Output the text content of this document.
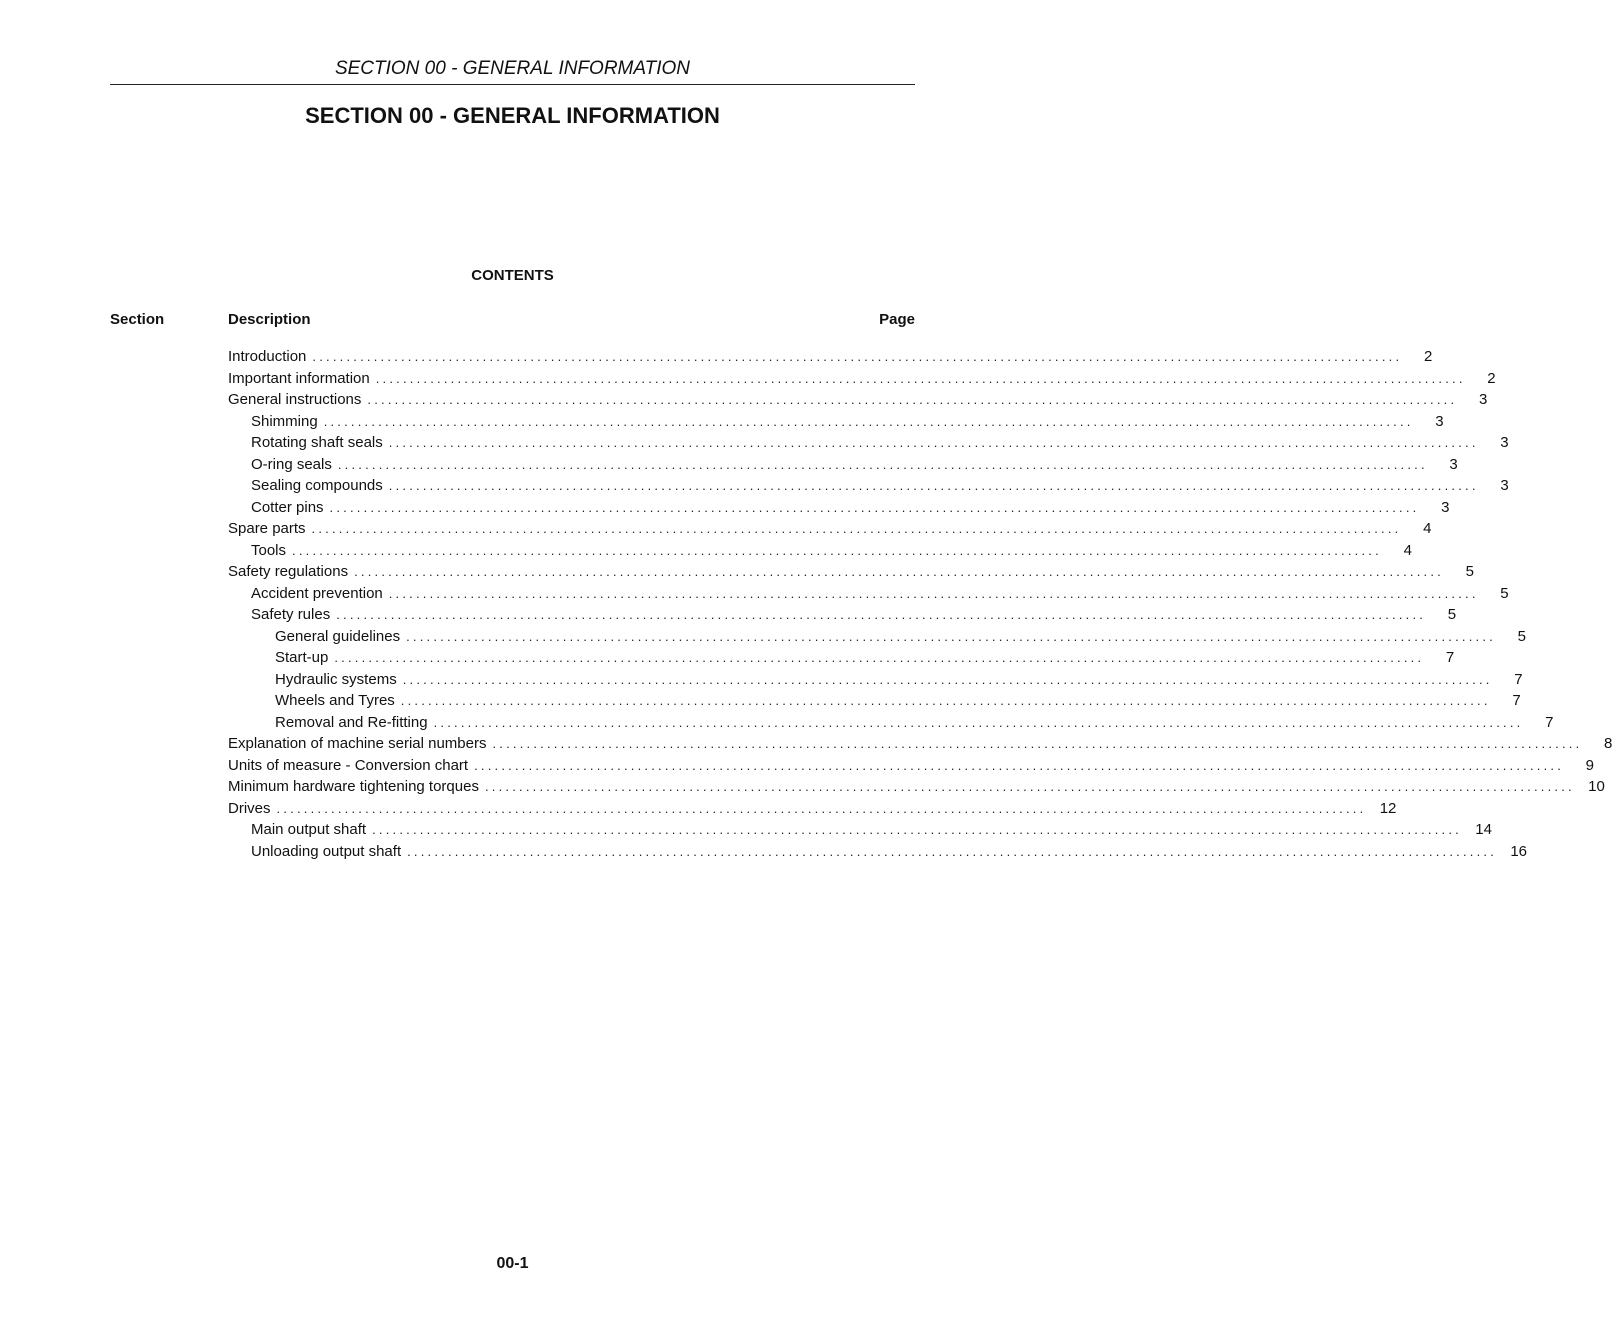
SECTION 00 - GENERAL INFORMATION
SECTION 00 - GENERAL INFORMATION
CONTENTS
Section	Description	Page
Introduction ................................................................................................................................................................	2
Important information ................................................................................................................................................................	2
General instructions ................................................................................................................................................................	3
Shimming ................................................................................................................................................................	3
Rotating shaft seals ................................................................................................................................................................	3
O-ring seals ................................................................................................................................................................	3
Sealing compounds ................................................................................................................................................................	3
Cotter pins ................................................................................................................................................................	3
Spare parts ................................................................................................................................................................	4
Tools ................................................................................................................................................................	4
Safety regulations ................................................................................................................................................................	5
Accident prevention ................................................................................................................................................................	5
Safety rules ................................................................................................................................................................	5
General guidelines ................................................................................................................................................................	5
Start-up ................................................................................................................................................................	7
Hydraulic systems ................................................................................................................................................................	7
Wheels and Tyres ................................................................................................................................................................	7
Removal and Re-fitting ................................................................................................................................................................	7
Explanation of machine serial numbers ................................................................................................................................................................	8
Units of measure - Conversion chart ................................................................................................................................................................	9
Minimum hardware tightening torques ................................................................................................................................................................ 10
Drives ................................................................................................................................................................ 12
Main output shaft ................................................................................................................................................................ 14
Unloading output shaft ................................................................................................................................................................ 16
00-1
